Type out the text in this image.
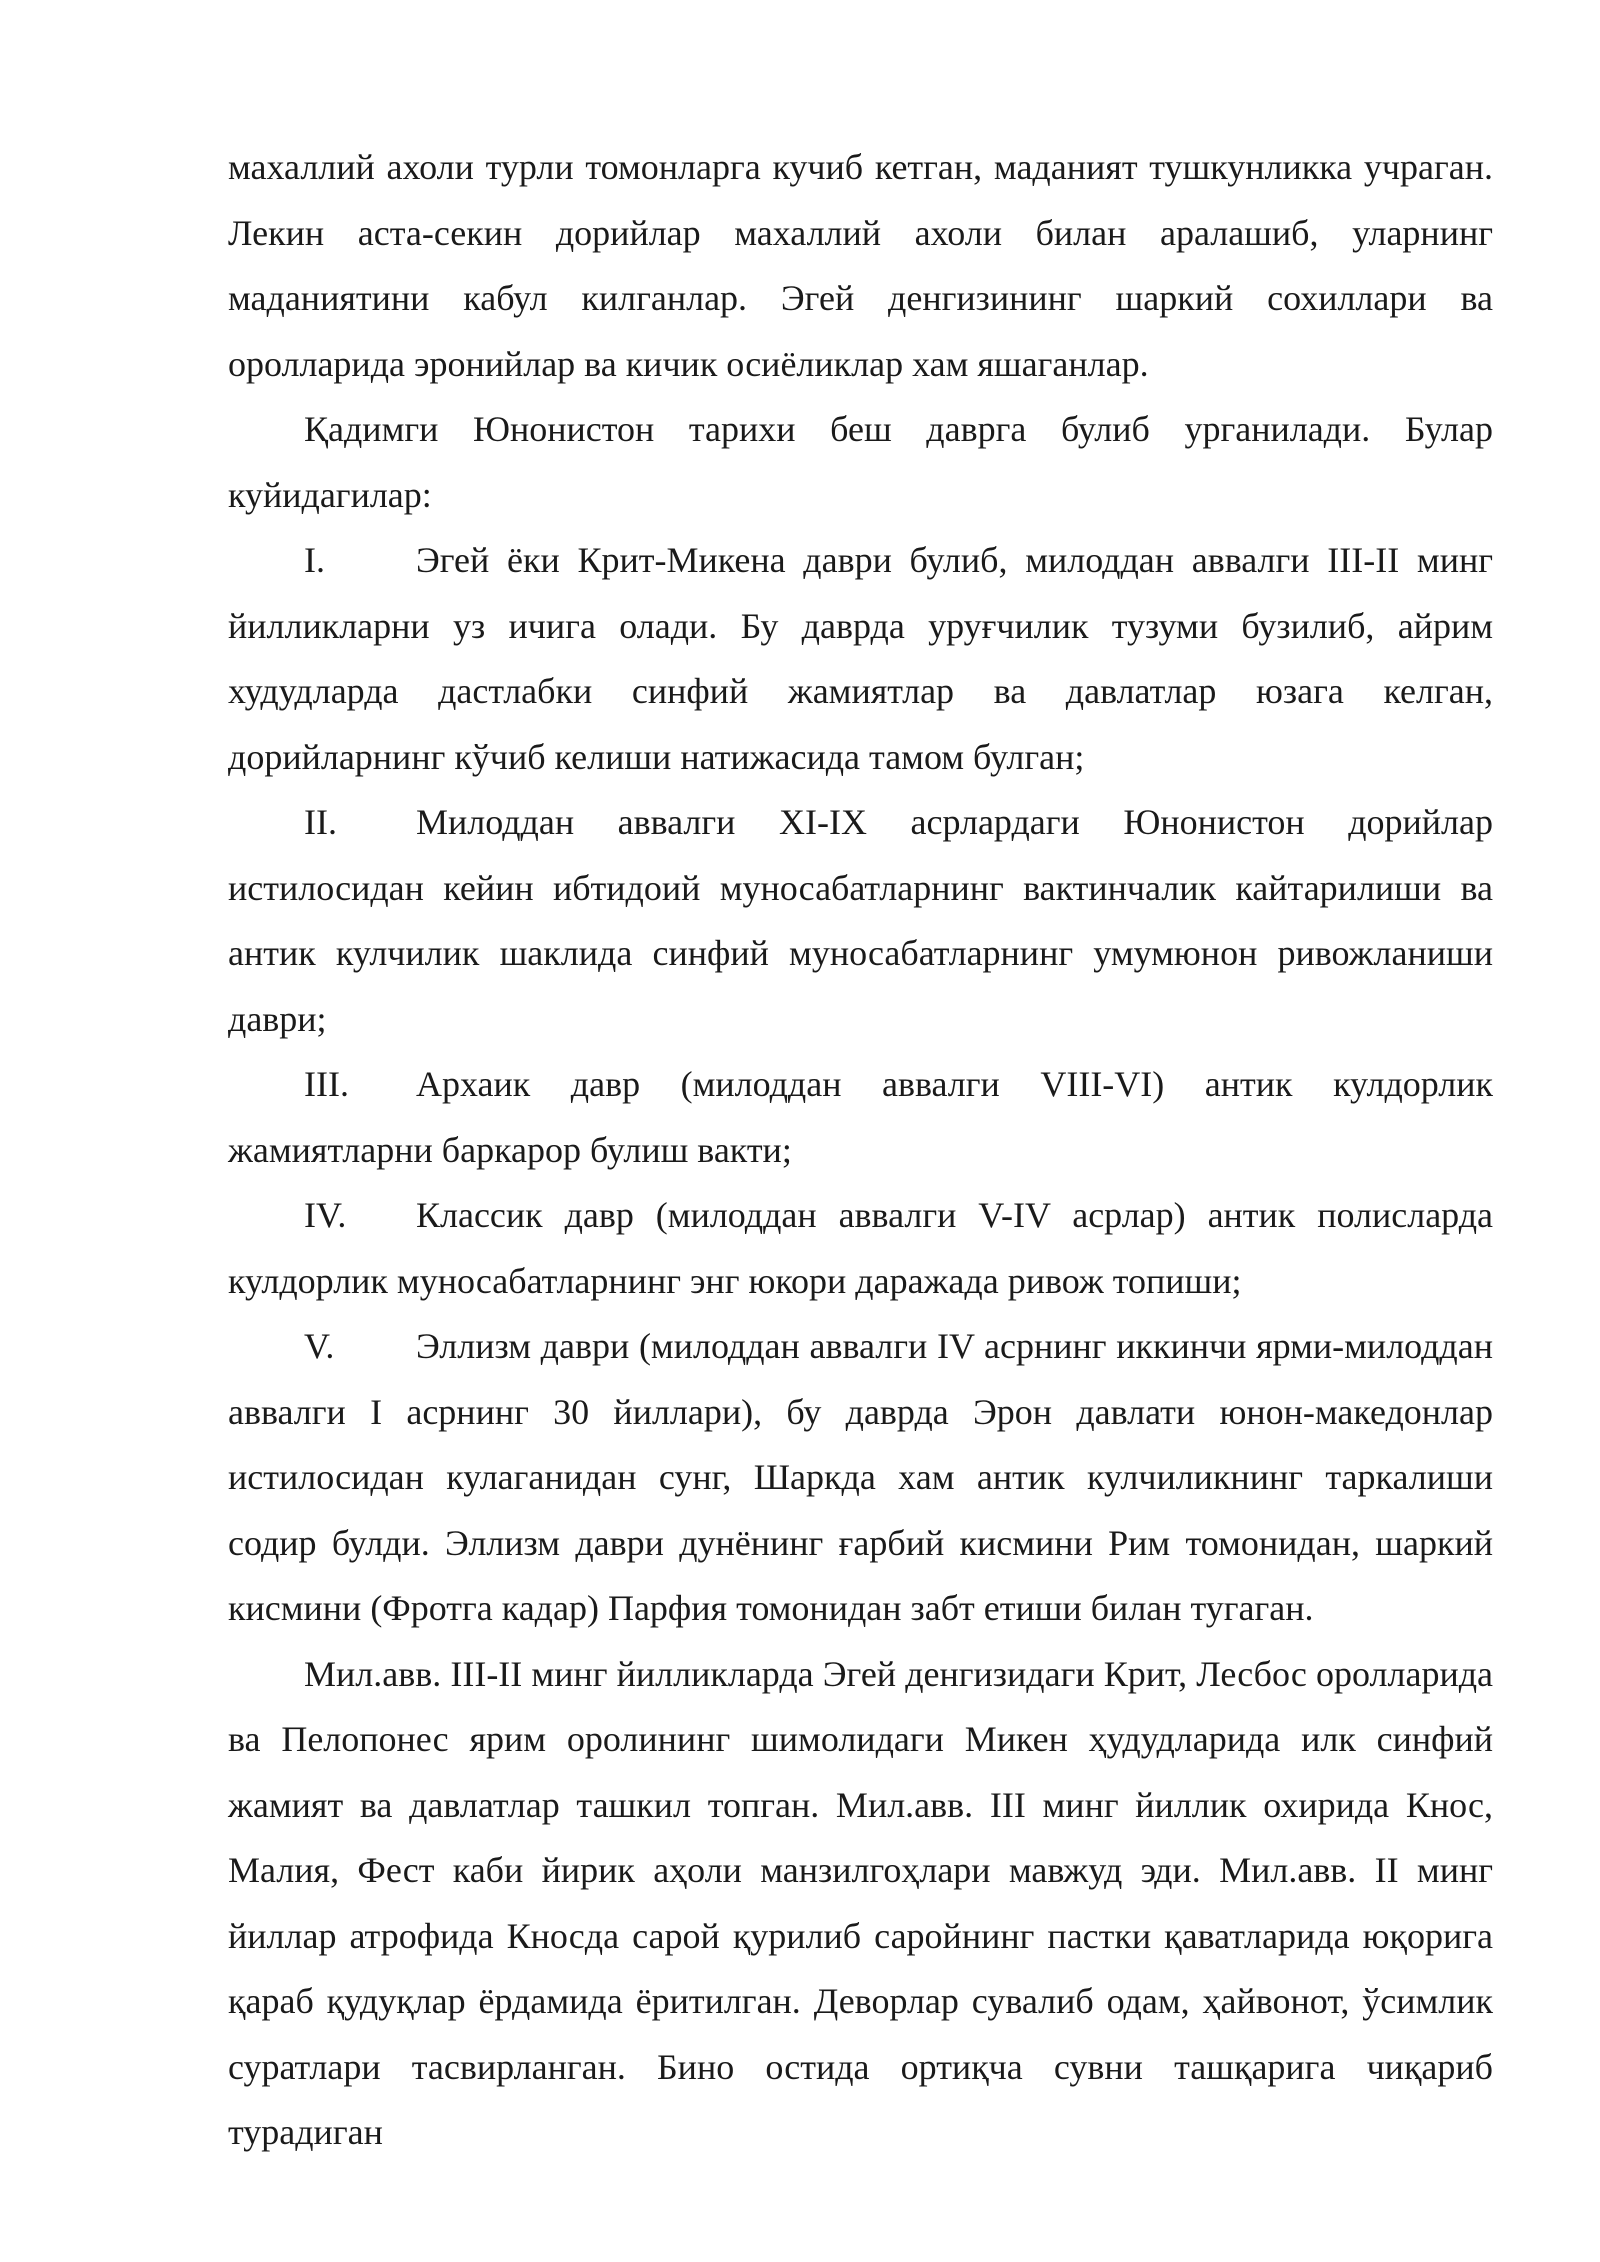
махаллий ахоли турли томонларга кучиб кетган, маданият тушкунликка учраган. Лекин аста-секин дорийлар махаллий ахоли билан аралашиб, уларнинг маданиятини кабул килганлар. Эгей денгизининг шаркий сохиллари ва оролларида эронийлар ва кичик осиёликлар хам яшаганлар.

Қадимги Юнонистон тарихи беш даврга булиб урганилади. Булар куйидагилар:

I.	Эгей ёки Крит-Микена даври булиб, милоддан аввалги III-II минг йилликларни уз ичига олади. Бу даврда уруғчилик тузуми бузилиб, айрим худудларда дастлабки синфий жамиятлар ва давлатлар юзага келган, дорийларнинг кўчиб келиши натижасида тамом булган;

II. Милоддан аввалги XI-IX асрлардаги Юнонистон дорийлар истилосидан кейин ибтидоий муносабатларнинг вактинчалик кайтарилиши ва антик кулчилик шаклида синфий муносабатларнинг умумюнон ривожланиши даври;

III. Архаик давр (милоддан аввалги VIII-VI) антик кулдорлик жамиятларни баркарор булиш вакти;

IV. Классик давр (милоддан аввалги V-IV асрлар) антик полисларда кулдорлик муносабатларнинг энг юкори даражада ривож топиши;

V. Эллизм даври (милоддан аввалги IV асрнинг иккинчи ярми-милоддан аввалги I асрнинг 30 йиллари), бу даврда Эрон давлати юнон-македонлар истилосидан кулаганидан сунг, Шаркда хам антик кулчиликнинг таркалиши содир булди. Эллизм даври дунёнинг ғарбий кисмини Рим томонидан, шаркий кисмини (Фротга кадар) Парфия томонидан забт етиши билан тугаган.

Мил.авв. III-II минг йилликларда Эгей денгизидаги Крит, Лесбос оролларида ва Пелопонес ярим оролининг шимолидаги Микен ҳудудларида илк синфий жамият ва давлатлар ташкил топган. Мил.авв. III минг йиллик охирида Кнос, Малия, Фест каби йирик аҳоли манзилгоҳлари мавжуд эди. Мил.авв. II минг йиллар атрофида Кносда сарой қурилиб саройнинг пастки қаватларида юқорига қараб қудуқлар ёрдамида ёритилган. Деворлар сувалиб одам, ҳайвонот, ўсимлик суратлари тасвирланган. Бино остида ортиқча сувни ташқарига чиқариб турадиган
